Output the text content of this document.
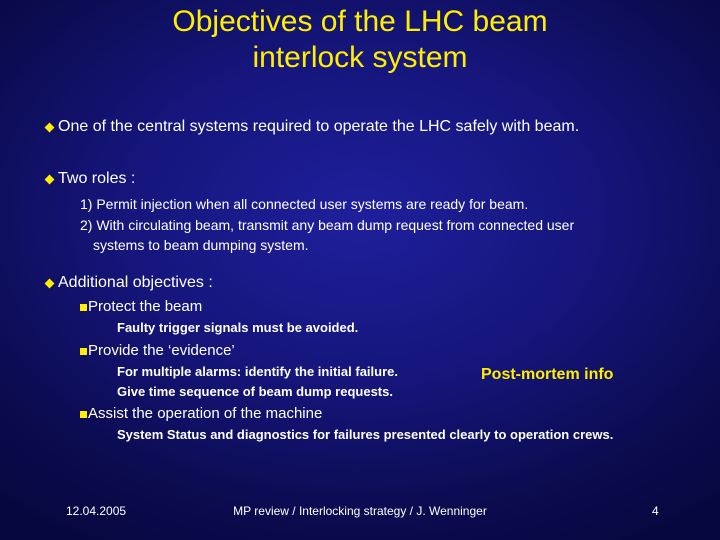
Objectives of the LHC beam
interlock system
One of the central systems required to operate the LHC safely with beam.
Two roles :
1) Permit injection when all connected user systems are ready for beam.
2) With circulating beam, transmit any beam dump request from connected user
systems to beam dumping system.
Additional objectives :
Protect the beam
Faulty trigger signals must be avoided.
Provide the ‘evidence’
For multiple alarms: identify the initial failure.
Give time sequence of beam dump requests.
Post-mortem info
Assist the operation of the machine
System Status and diagnostics for failures presented clearly to operation crews.
12.04.2005	MP review / Interlocking strategy / J. Wenninger	4
